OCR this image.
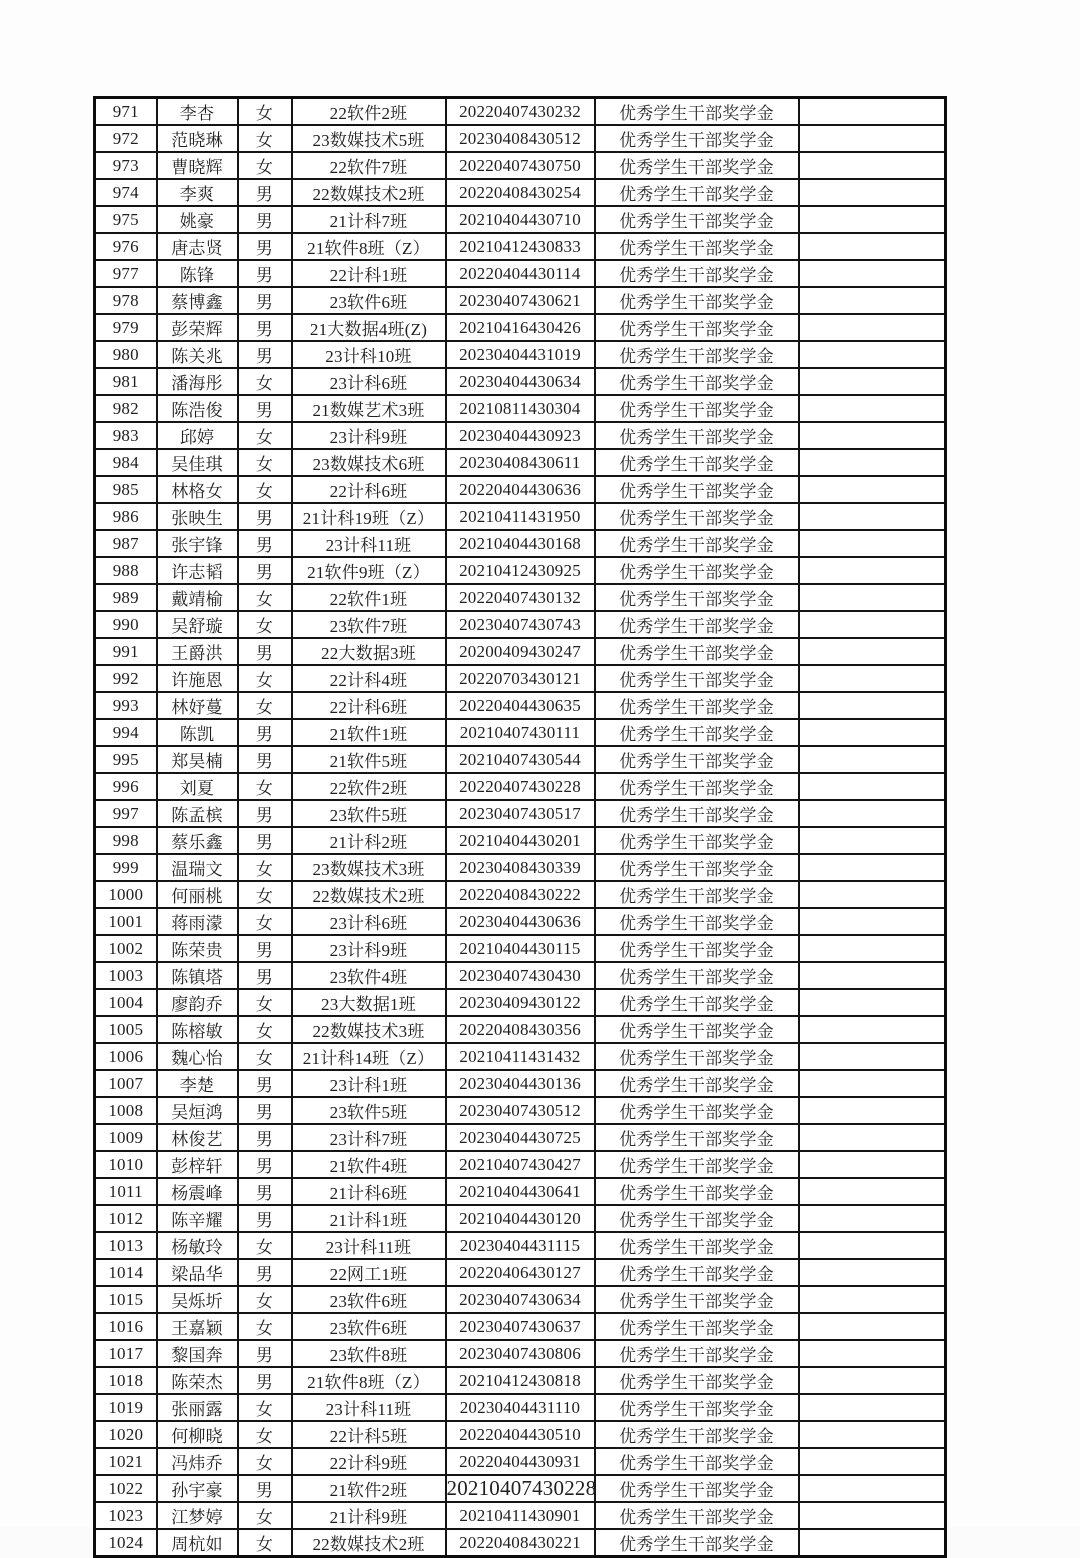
971	李杏	女	22软件2班	20220407430232	优秀学生干部奖学金	
972	范晓琳	女	23数媒技术5班	20230408430512	优秀学生干部奖学金	
973	曹晓辉	女	22软件7班	20220407430750	优秀学生干部奖学金	
974	李爽	男	22数媒技术2班	20220408430254	优秀学生干部奖学金	
975	姚豪	男	21计科7班	20210404430710	优秀学生干部奖学金	
976	唐志贤	男	21软件8班（Z）	20210412430833	优秀学生干部奖学金	
977	陈锋	男	22计科1班	20220404430114	优秀学生干部奖学金	
978	蔡博鑫	男	23软件6班	20230407430621	优秀学生干部奖学金	
979	彭荣辉	男	21大数据4班(Z)	20210416430426	优秀学生干部奖学金	
980	陈关兆	男	23计科10班	20230404431019	优秀学生干部奖学金	
981	潘海彤	女	23计科6班	20230404430634	优秀学生干部奖学金	
982	陈浩俊	男	21数媒艺术3班	20210811430304	优秀学生干部奖学金	
983	邱婷	女	23计科9班	20230404430923	优秀学生干部奖学金	
984	吴佳琪	女	23数媒技术6班	20230408430611	优秀学生干部奖学金	
985	林格女	女	22计科6班	20220404430636	优秀学生干部奖学金	
986	张映生	男	21计科19班（Z）	20210411431950	优秀学生干部奖学金	
987	张宇锋	男	23计科11班	20210404430168	优秀学生干部奖学金	
988	许志韬	男	21软件9班（Z）	20210412430925	优秀学生干部奖学金	
989	戴靖榆	女	22软件1班	20220407430132	优秀学生干部奖学金	
990	吴舒璇	女	23软件7班	20230407430743	优秀学生干部奖学金	
991	王爵洪	男	22大数据3班	20200409430247	优秀学生干部奖学金	
992	许施恩	女	22计科4班	20220703430121	优秀学生干部奖学金	
993	林妤蔓	女	22计科6班	20220404430635	优秀学生干部奖学金	
994	陈凯	男	21软件1班	20210407430111	优秀学生干部奖学金	
995	郑昊楠	男	21软件5班	20210407430544	优秀学生干部奖学金	
996	刘夏	女	22软件2班	20220407430228	优秀学生干部奖学金	
997	陈孟槟	男	23软件5班	20230407430517	优秀学生干部奖学金	
998	蔡乐鑫	男	21计科2班	20210404430201	优秀学生干部奖学金	
999	温瑞文	女	23数媒技术3班	20230408430339	优秀学生干部奖学金	
1000	何丽桃	女	22数媒技术2班	20220408430222	优秀学生干部奖学金	
1001	蒋雨濛	女	23计科6班	20230404430636	优秀学生干部奖学金	
1002	陈荣贵	男	23计科9班	20210404430115	优秀学生干部奖学金	
1003	陈镇塔	男	23软件4班	20230407430430	优秀学生干部奖学金	
1004	廖韵乔	女	23大数据1班	20230409430122	优秀学生干部奖学金	
1005	陈榕敏	女	22数媒技术3班	20220408430356	优秀学生干部奖学金	
1006	魏心怡	女	21计科14班（Z）	20210411431432	优秀学生干部奖学金	
1007	李楚	男	23计科1班	20230404430136	优秀学生干部奖学金	
1008	吴烜鸿	男	23软件5班	20230407430512	优秀学生干部奖学金	
1009	林俊艺	男	23计科7班	20230404430725	优秀学生干部奖学金	
1010	彭梓轩	男	21软件4班	20210407430427	优秀学生干部奖学金	
1011	杨震峰	男	21计科6班	20210404430641	优秀学生干部奖学金	
1012	陈辛耀	男	21计科1班	20210404430120	优秀学生干部奖学金	
1013	杨敏玲	女	23计科11班	20230404431115	优秀学生干部奖学金	
1014	梁品华	男	22网工1班	20220406430127	优秀学生干部奖学金	
1015	吴烁圻	女	23软件6班	20230407430634	优秀学生干部奖学金	
1016	王嘉颖	女	23软件6班	20230407430637	优秀学生干部奖学金	
1017	黎国奔	男	23软件8班	20230407430806	优秀学生干部奖学金	
1018	陈荣杰	男	21软件8班（Z）	20210412430818	优秀学生干部奖学金	
1019	张丽露	女	23计科11班	20230404431110	优秀学生干部奖学金	
1020	何柳晓	女	22计科5班	20220404430510	优秀学生干部奖学金	
1021	冯炜乔	女	22计科9班	20220404430931	优秀学生干部奖学金	
1022	孙宇豪	男	21软件2班	20210407430228	优秀学生干部奖学金	
1023	江梦婷	女	21计科9班	20210411430901	优秀学生干部奖学金	
1024	周杭如	女	22数媒技术2班	20220408430221	优秀学生干部奖学金	
